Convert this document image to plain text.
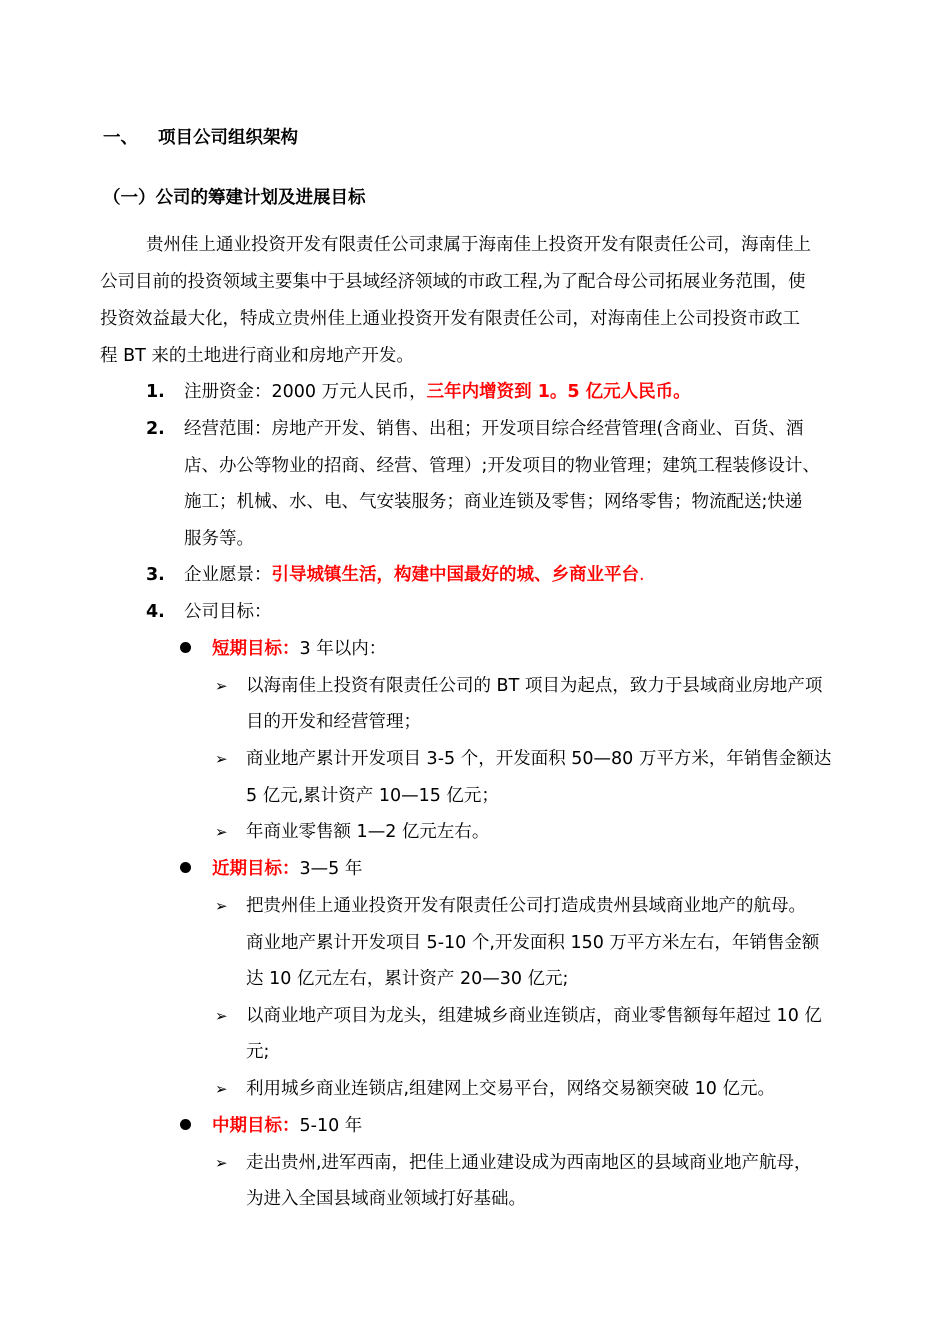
一、 项目公司组织架构
（一）公司的筹建计划及进展目标
贵州佳上通业投资开发有限责任公司隶属于海南佳上投资开发有限责任公司，海南佳上
公司目前的投资领域主要集中于县域经济领域的市政工程,为了配合母公司拓展业务范围，使
投资效益最大化，特成立贵州佳上通业投资开发有限责任公司，对海南佳上公司投资市政工
程 BT 来的土地进行商业和房地产开发。
1. 注册资金：2000 万元人民币，三年内增资到 1。5 亿元人民币。
2. 经营范围：房地产开发、销售、出租；开发项目综合经营管理(含商业、百货、酒
店、办公等物业的招商、经营、管理）;开发项目的物业管理；建筑工程装修设计、
施工；机械、水、电、气安装服务；商业连锁及零售；网络零售；物流配送;快递
服务等。
3. 企业愿景：引导城镇生活，构建中国最好的城、乡商业平台.
4. 公司目标：
短期目标：3 年以内：
➢ 以海南佳上投资有限责任公司的 BT 项目为起点，致力于县域商业房地产项
目的开发和经营管理；
➢ 商业地产累计开发项目 3-5 个，开发面积 50—80 万平方米，年销售金额达
5 亿元,累计资产 10—15 亿元；
➢ 年商业零售额 1—2 亿元左右。
近期目标：3—5 年
➢ 把贵州佳上通业投资开发有限责任公司打造成贵州县域商业地产的航母。
商业地产累计开发项目 5-10 个,开发面积 150 万平方米左右，年销售金额
达 10 亿元左右，累计资产 20—30 亿元;
➢ 以商业地产项目为龙头，组建城乡商业连锁店，商业零售额每年超过 10 亿
元;
➢ 利用城乡商业连锁店,组建网上交易平台，网络交易额突破 10 亿元。
中期目标：5-10 年
➢ 走出贵州,进军西南，把佳上通业建设成为西南地区的县域商业地产航母，
为进入全国县域商业领域打好基础。
